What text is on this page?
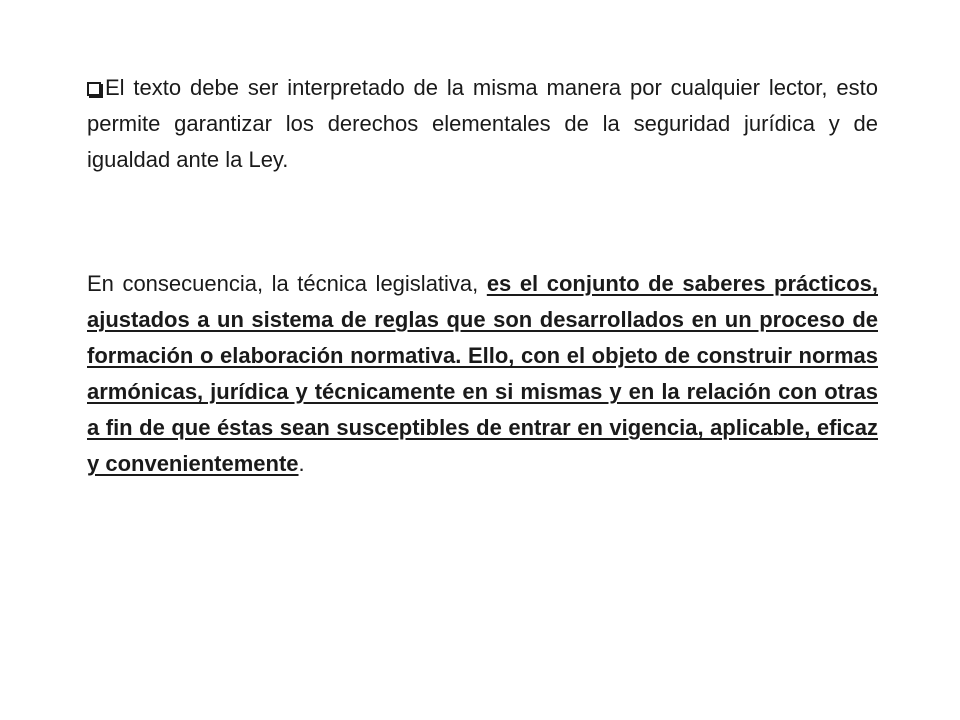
El texto debe ser interpretado de la misma manera por cualquier lector, esto permite garantizar los derechos elementales de la seguridad jurídica y de igualdad ante la Ley.

En consecuencia, la técnica legislativa, es el conjunto de saberes prácticos, ajustados a un sistema de reglas que son desarrollados en un proceso de formación o elaboración normativa. Ello, con el objeto de construir normas armónicas, jurídica y técnicamente en si mismas y en la relación con otras a fin de que éstas sean susceptibles de entrar en vigencia, aplicable, eficaz y convenientemente.
